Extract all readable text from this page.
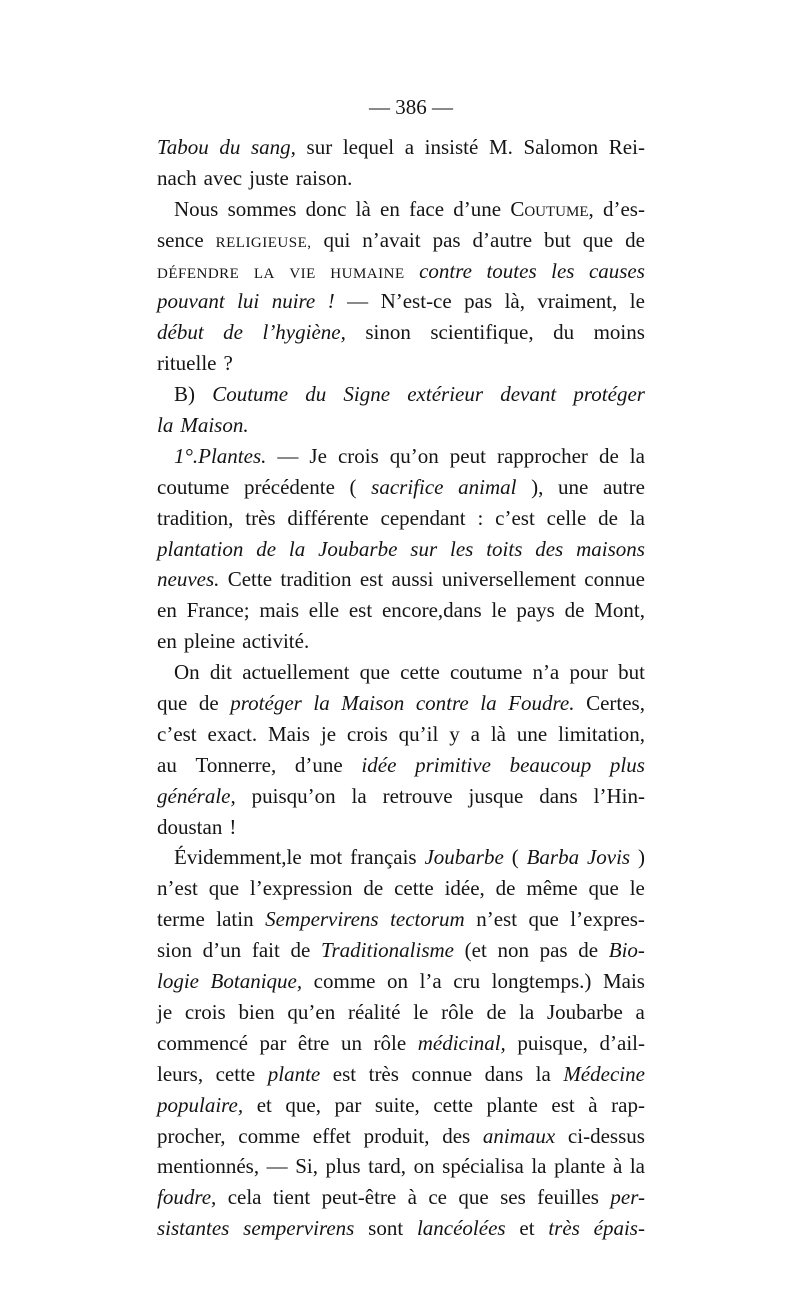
— 386 —
Tabou du sang, sur lequel a insisté M. Salomon Rei-
nach avec juste raison.
Nous sommes donc là en face d’une Coutume, d’es-
sence RELIGIEUSE, qui n’avait pas d’autre but que de
DÉFENDRE LA VIE HUMAINE contre toutes les causes
pouvant lui nuire ! — N’est-ce pas là, vraiment, le
début de l’hygiène, sinon scientifique, du moins
rituelle ?
B) Coutume du Signe extérieur devant protéger
la Maison.
1°.Plantes. — Je crois qu’on peut rapprocher de la
coutume précédente ( sacrifice animal ), une autre
tradition, très différente cependant : c’est celle de la
plantation de la Joubarbe sur les toits des maisons
neuves. Cette tradition est aussi universellement connue
en France; mais elle est encore,dans le pays de Mont,
en pleine activité.
On dit actuellement que cette coutume n’a pour but
que de protéger la Maison contre la Foudre. Certes,
c’est exact. Mais je crois qu’il y a là une limitation,
au Tonnerre, d’une idée primitive beaucoup plus
générale, puisqu’on la retrouve jusque dans l’Hin-
doustan !
Évidemment,le mot français Joubarbe ( Barba Jovis )
n’est que l’expression de cette idée, de même que le
terme latin Sempervirens tectorum n’est que l’expres-
sion d’un fait de Traditionalisme (et non pas de Bio-
logie Botanique, comme on l’a cru longtemps.) Mais
je crois bien qu’en réalité le rôle de la Joubarbe a
commencé par être un rôle médicinal, puisque, d’ail-
leurs, cette plante est très connue dans la Médecine
populaire, et que, par suite, cette plante est à rap-
procher, comme effet produit, des animaux ci-dessus
mentionnés, — Si, plus tard, on spécialisa la plante à la
foudre, cela tient peut-être à ce que ses feuilles per-
sistantes sempervirens sont lancéolées et très épais-
